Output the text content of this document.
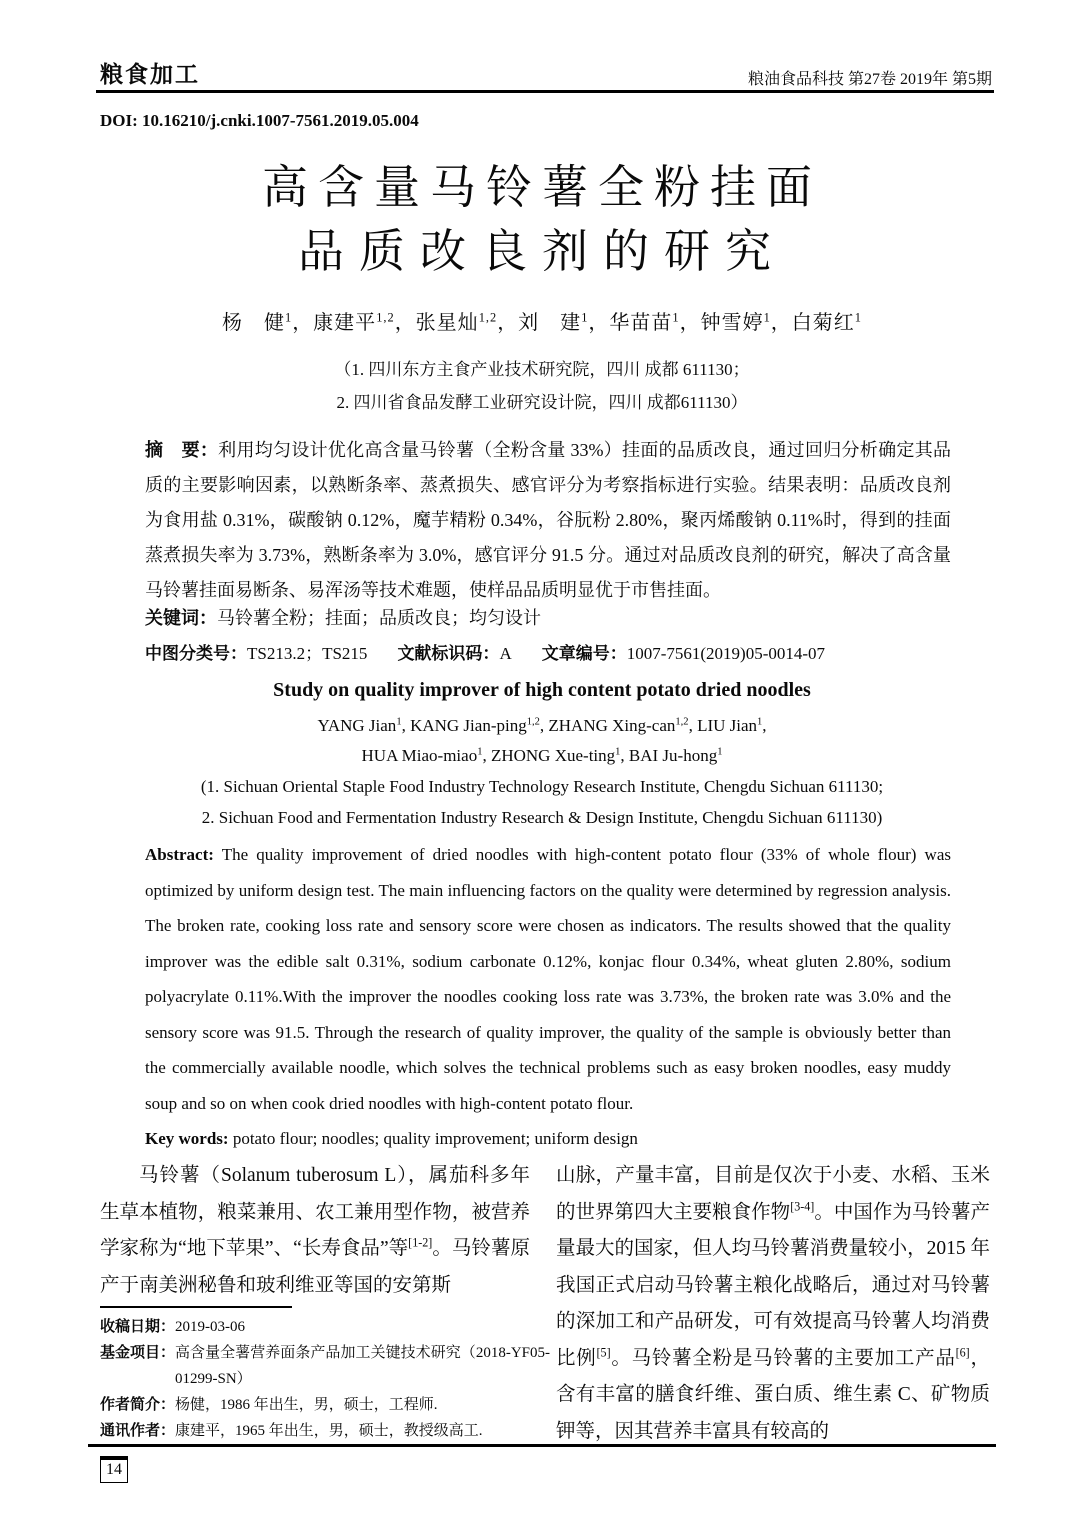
粮食加工	粮油食品科技 第27卷 2019年 第5期
DOI: 10.16210/j.cnki.1007-7561.2019.05.004
高含量马铃薯全粉挂面
品质改良剂的研究
杨　健$^1$，康建平$^{1,2}$，张星灿$^{1,2}$，刘　建$^1$，华苗苗$^1$，钟雪婷$^1$，白菊红$^1$
（1. 四川东方主食产业技术研究院，四川 成都 611130；
2. 四川省食品发酵工业研究设计院，四川 成都611130）
摘　要：利用均匀设计优化高含量马铃薯（全粉含量 33%）挂面的品质改良，通过回归分析确定其品质的主要影响因素，以熟断条率、蒸煮损失、感官评分为考察指标进行实验。结果表明：品质改良剂为食用盐 0.31%，碳酸钠 0.12%，魔芋精粉 0.34%，谷朊粉 2.80%，聚丙烯酸钠 0.11%时，得到的挂面蒸煮损失率为 3.73%，熟断条率为 3.0%，感官评分 91.5 分。通过对品质改良剂的研究，解决了高含量马铃薯挂面易断条、易浑汤等技术难题，使样品品质明显优于市售挂面。
关键词：马铃薯全粉；挂面；品质改良；均匀设计
中图分类号：TS213.2；TS215 文献标识码：A 文章编号：1007-7561(2019)05-0014-07
Study on quality improver of high content potato dried noodles
YANG Jian$^1$, KANG Jian-ping$^{1,2}$, ZHANG Xing-can$^{1,2}$, LIU Jian$^1$,
HUA Miao-miao$^1$, ZHONG Xue-ting$^1$, BAI Ju-hong$^1$
(1. Sichuan Oriental Staple Food Industry Technology Research Institute, Chengdu Sichuan 611130;
2. Sichuan Food and Fermentation Industry Research & Design Institute, Chengdu Sichuan 611130)

Abstract: The quality improvement of dried noodles with high-content potato flour (33% of whole flour) was optimized by uniform design test. The main influencing factors on the quality were determined by regression analysis. The broken rate, cooking loss rate and sensory score were chosen as indicators. The results showed that the quality improver was the edible salt 0.31%, sodium carbonate 0.12%, konjac flour 0.34%, wheat gluten 2.80%, sodium polyacrylate 0.11%.With the improver the noodles cooking loss rate was 3.73%, the broken rate was 3.0% and the sensory score was 91.5. Through the research of quality improver, the quality of the sample is obviously better than the commercially available noodle, which solves the technical problems such as easy broken noodles, easy muddy soup and so on when cook dried noodles with high-content potato flour.

Key words: potato flour; noodles; quality improvement; uniform design

马铃薯（Solanum tuberosum L），属茄科多年生草本植物，粮菜兼用、农工兼用型作物，被营养学家称为“地下苹果”、“长寿食品”等[1-2]。马铃薯原产于南美洲秘鲁和玻利维亚等国的安第斯

收稿日期： 2019-03-06
基金项目： 高含量全薯营养面条产品加工关键技术研究（2018-YF05-01299-SN）
作者简介： 杨健，1986 年出生，男，硕士，工程师.
通讯作者： 康建平，1965 年出生，男，硕士，教授级高工.

山脉，产量丰富，目前是仅次于小麦、水稻、玉米的世界第四大主要粮食作物[3-4]。中国作为马铃薯产量最大的国家，但人均马铃薯消费量较小，2015 年我国正式启动马铃薯主粮化战略后，通过对马铃薯的深加工和产品研发，可有效提高马铃薯人均消费比例[5]。马铃薯全粉是马铃薯的主要加工产品[6]，含有丰富的膳食纤维、蛋白质、维生素 C、矿物质钾等，因其营养丰富具有较高的

14
